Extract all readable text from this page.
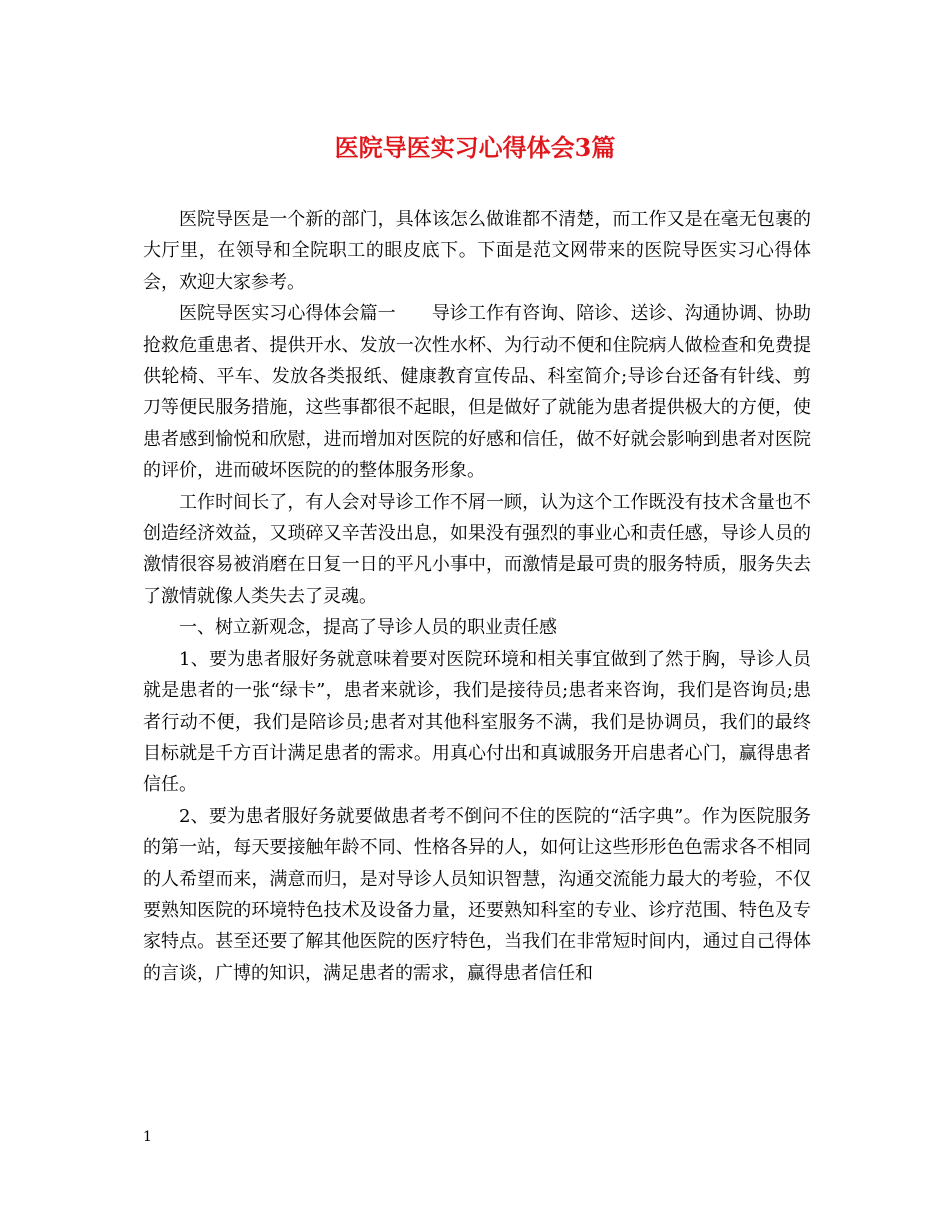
医院导医实习心得体会3篇

医院导医是一个新的部门，具体该怎么做谁都不清楚，而工作又是在毫无包裹的大厅里，在领导和全院职工的眼皮底下。下面是范文网带来的医院导医实习心得体会，欢迎大家参考。

医院导医实习心得体会篇一　　导诊工作有咨询、陪诊、送诊、沟通协调、协助抢救危重患者、提供开水、发放一次性水杯、为行动不便和住院病人做检查和免费提供轮椅、平车、发放各类报纸、健康教育宣传品、科室简介;导诊台还备有针线、剪刀等便民服务措施，这些事都很不起眼，但是做好了就能为患者提供极大的方便，使患者感到愉悦和欣慰，进而增加对医院的好感和信任，做不好就会影响到患者对医院的评价，进而破坏医院的的整体服务形象。

工作时间长了，有人会对导诊工作不屑一顾，认为这个工作既没有技术含量也不创造经济效益，又琐碎又辛苦没出息，如果没有强烈的事业心和责任感，导诊人员的激情很容易被消磨在日复一日的平凡小事中，而激情是最可贵的服务特质，服务失去了激情就像人类失去了灵魂。

一、树立新观念，提高了导诊人员的职业责任感

1、要为患者服好务就意味着要对医院环境和相关事宜做到了然于胸，导诊人员就是患者的一张“绿卡”，患者来就诊，我们是接待员;患者来咨询，我们是咨询员;患者行动不便，我们是陪诊员;患者对其他科室服务不满，我们是协调员，我们的最终目标就是千方百计满足患者的需求。用真心付出和真诚服务开启患者心门，赢得患者信任。

2、要为患者服好务就要做患者考不倒问不住的医院的“活字典”。作为医院服务的第一站，每天要接触年龄不同、性格各异的人，如何让这些形形色色需求各不相同的人希望而来，满意而归，是对导诊人员知识智慧，沟通交流能力最大的考验，不仅要熟知医院的环境特色技术及设备力量，还要熟知科室的专业、诊疗范围、特色及专家特点。甚至还要了解其他医院的医疗特色，当我们在非常短时间内，通过自己得体的言谈，广博的知识，满足患者的需求，赢得患者信任和

1
